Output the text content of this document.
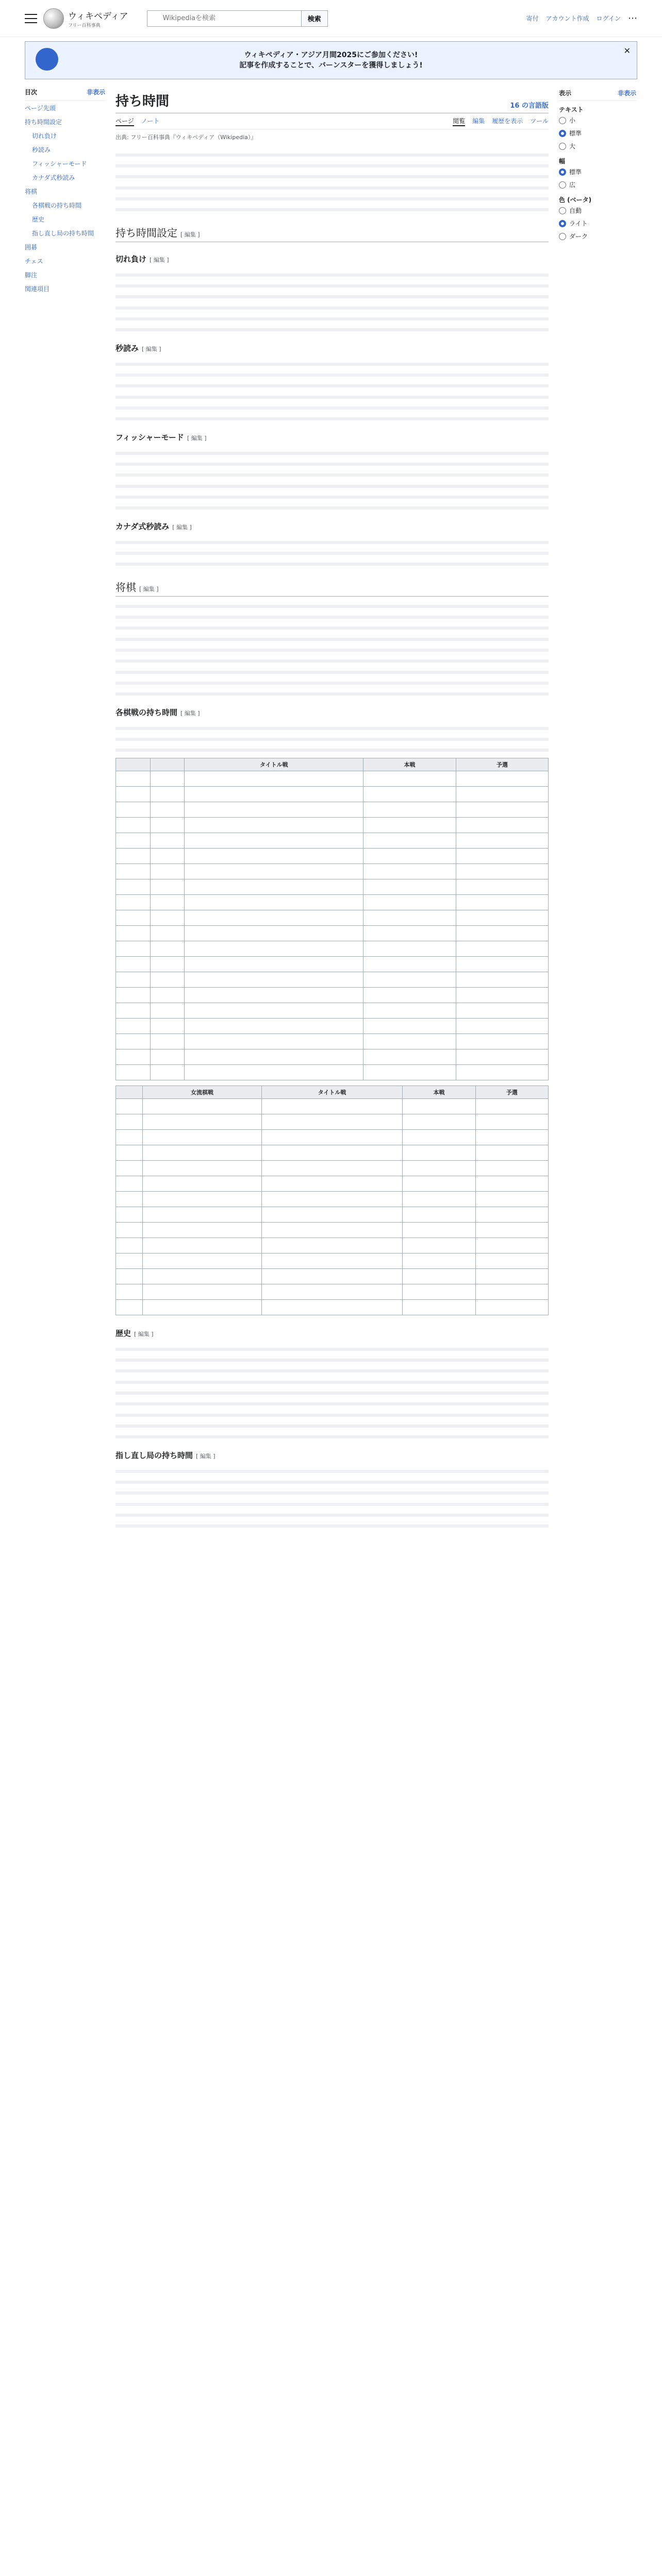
ウィキペディア
フリー百科事典
Wikipediaを検索
検索	寄付 アカウント作成 ログイン ⋯
ウィキペディア・アジア月間2025にご参加ください!
記事を作成することで、バーンスターを獲得しましょう!
✕
目次	非表示
ページ先頭
持ち時間設定
切れ負け
秒読み
フィッシャーモード
カナダ式秒読み
将棋
各棋戦の持ち時間
歴史
指し直し局の持ち時間
囲碁
チェス
脚注
関連項目
持ち時間	16 の言語版
ページ ノート	閲覧 編集 履歴を表示 ツール
出典: フリー百科事典『ウィキペディア（Wikipedia）』

持ち時間設定 [ 編集 ]
切れ負け [ 編集 ]

秒読み [ 編集 ]

フィッシャーモード [ 編集 ]

カナダ式秒読み [ 編集 ]

将棋 [ 編集 ]

各棋戦の持ち時間 [ 編集 ]

		タイトル戦	本戦	予選

	女流棋戦	タイトル戦	本戦	予選

歴史 [ 編集 ]

指し直し局の持ち時間 [ 編集 ]

表示	非表示
テキスト
小
標準
大
幅
標準
広
色 (ベータ)
自動
ライト
ダーク
